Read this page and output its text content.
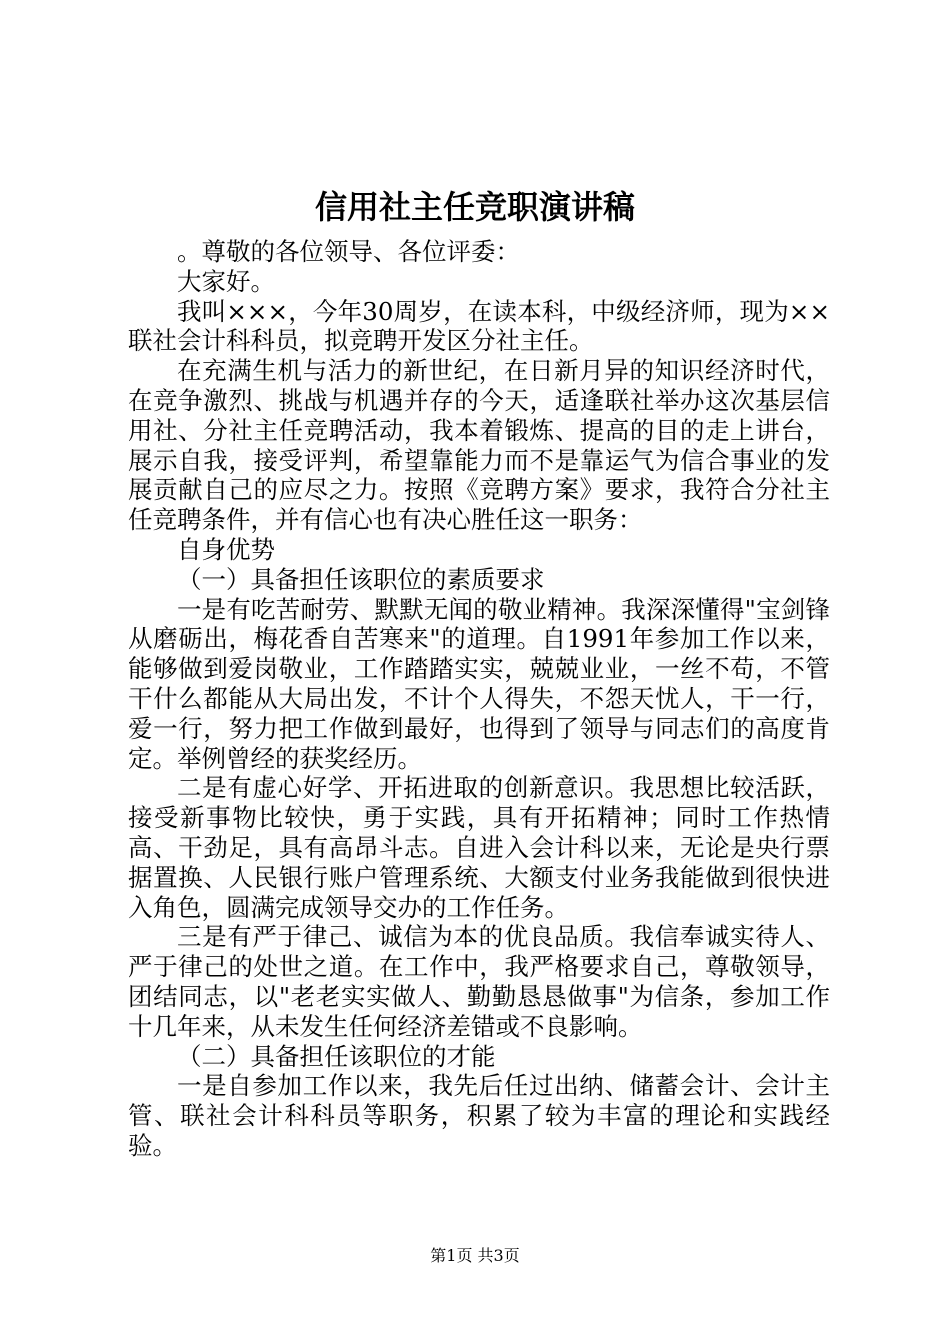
信用社主任竞职演讲稿

。尊敬的各位领导、各位评委：

大家好。

我叫×××，今年30周岁，在读本科，中级经济师，现为××联社会计科科员，拟竞聘开发区分社主任。

在充满生机与活力的新世纪，在日新月异的知识经济时代，在竞争激烈、挑战与机遇并存的今天，适逢联社举办这次基层信用社、分社主任竞聘活动，我本着锻炼、提高的目的走上讲台，展示自我，接受评判，希望靠能力而不是靠运气为信合事业的发展贡献自己的应尽之力。按照《竞聘方案》要求，我符合分社主任竞聘条件，并有信心也有决心胜任这一职务：

自身优势

（一）具备担任该职位的素质要求

一是有吃苦耐劳、默默无闻的敬业精神。我深深懂得"宝剑锋从磨砺出，梅花香自苦寒来"的道理。自1991年参加工作以来，能够做到爱岗敬业，工作踏踏实实，兢兢业业，一丝不苟，不管干什么都能从大局出发，不计个人得失，不怨天忧人，干一行，爱一行，努力把工作做到最好，也得到了领导与同志们的高度肯定。举例曾经的获奖经历。

二是有虚心好学、开拓进取的创新意识。我思想比较活跃，接受新事物比较快，勇于实践，具有开拓精神；同时工作热情高、干劲足，具有高昂斗志。自进入会计科以来，无论是央行票据置换、人民银行账户管理系统、大额支付业务我能做到很快进入角色，圆满完成领导交办的工作任务。

三是有严于律己、诚信为本的优良品质。我信奉诚实待人、严于律己的处世之道。在工作中，我严格要求自己，尊敬领导，团结同志，以"老老实实做人、勤勤恳恳做事"为信条，参加工作十几年来，从未发生任何经济差错或不良影响。

（二）具备担任该职位的才能

一是自参加工作以来，我先后任过出纳、储蓄会计、会计主管、联社会计科科员等职务，积累了较为丰富的理论和实践经验。

第1页 共3页
